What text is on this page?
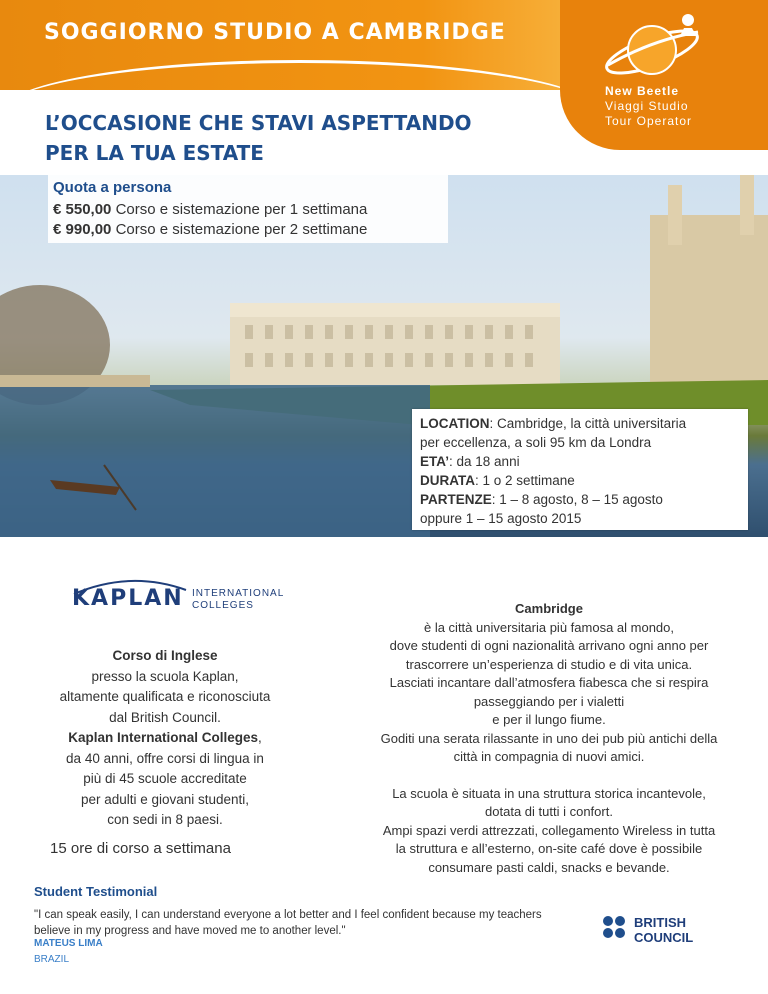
SOGGIORNO STUDIO A CAMBRIDGE
New Beetle
Viaggi Studio
Tour Operator
L’OCCASIONE CHE STAVI ASPETTANDO
PER LA TUA ESTATE
Quota a persona
€ 550,00 Corso e sistemazione per 1 settimana
€ 990,00 Corso e sistemazione per 2 settimane
LOCATION: Cambridge, la città universitaria
per eccellenza, a soli 95 km da Londra
ETA’: da 18 anni
DURATA: 1 o 2 settimane
PARTENZE: 1 – 8 agosto, 8 – 15 agosto
oppure 1 – 15 agosto 2015
KAPLAN INTERNATIONAL
COLLEGES
Corso di Inglese
presso la scuola Kaplan,
altamente qualificata e riconosciuta
dal British Council.
Kaplan International Colleges,
da 40 anni, offre corsi di lingua in
più di 45 scuole accreditate
per adulti e giovani studenti,
con sedi in 8 paesi.
15 ore di corso a settimana
Cambridge
è la città universitaria più famosa al mondo,
dove studenti di ogni nazionalità arrivano ogni anno per
trascorrere un’esperienza di studio e di vita unica.
Lasciati incantare dall’atmosfera fiabesca che si respira
passeggiando per i vialetti
e per il lungo fiume.
Goditi una serata rilassante in uno dei pub più antichi della
città in compagnia di nuovi amici.
La scuola è situata in una struttura storica incantevole,
dotata di tutti i confort.
Ampi spazi verdi attrezzati, collegamento Wireless in tutta
la struttura e all’esterno, on-site café dove è possibile
consumare pasti caldi, snacks e bevande.
Student Testimonial
"I can speak easily, I can understand everyone a lot better and I feel confident because my teachers believe in my progress and have moved me to another level."
MATEUS LIMA
BRAZIL
BRITISH
COUNCIL
